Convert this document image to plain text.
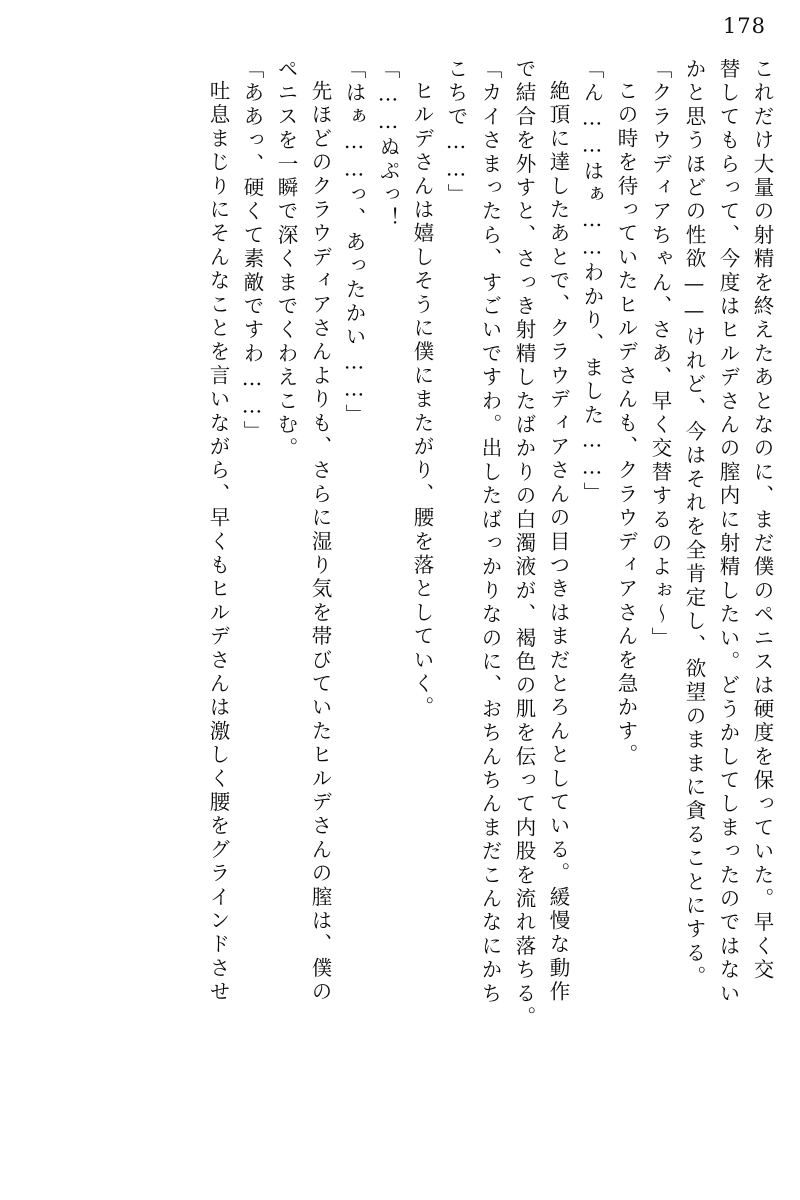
178
これだけ大量の射精を終えたあとなのに、まだ僕のペニスは硬度を保っていた。早く交
替してもらって、今度はヒルデさんの膣内に射精したい。どうかしてしまったのではない
かと思うほどの性欲——けれど、今はそれを全肯定し、欲望のままに貪ることにする。
「クラウディアちゃん、さあ、早く交替するのよぉ～」
この時を待っていたヒルデさんも、クラウディアさんを急かす。
「ん……はぁ……わかり、ました……」
絶頂に達したあとで、クラウディアさんの目つきはまだとろんとしている。緩慢な動作
で結合を外すと、さっき射精したばかりの白濁液が、褐色の肌を伝って内股を流れ落ちる。
「カイさまったら、すごいですわ。出したばっかりなのに、おちんちんまだこんなにかち
こちで……」
ヒルデさんは嬉しそうに僕にまたがり、腰を落としていく。
「……ぬぷっ！
「はぁ……っ、あったかい……」
先ほどのクラウディアさんよりも、さらに湿り気を帯びていたヒルデさんの膣は、僕の
ペニスを一瞬で深くまでくわえこむ。
「ああっ、硬くて素敵ですわ……」
吐息まじりにそんなことを言いながら、早くもヒルデさんは激しく腰をグラインドさせ
